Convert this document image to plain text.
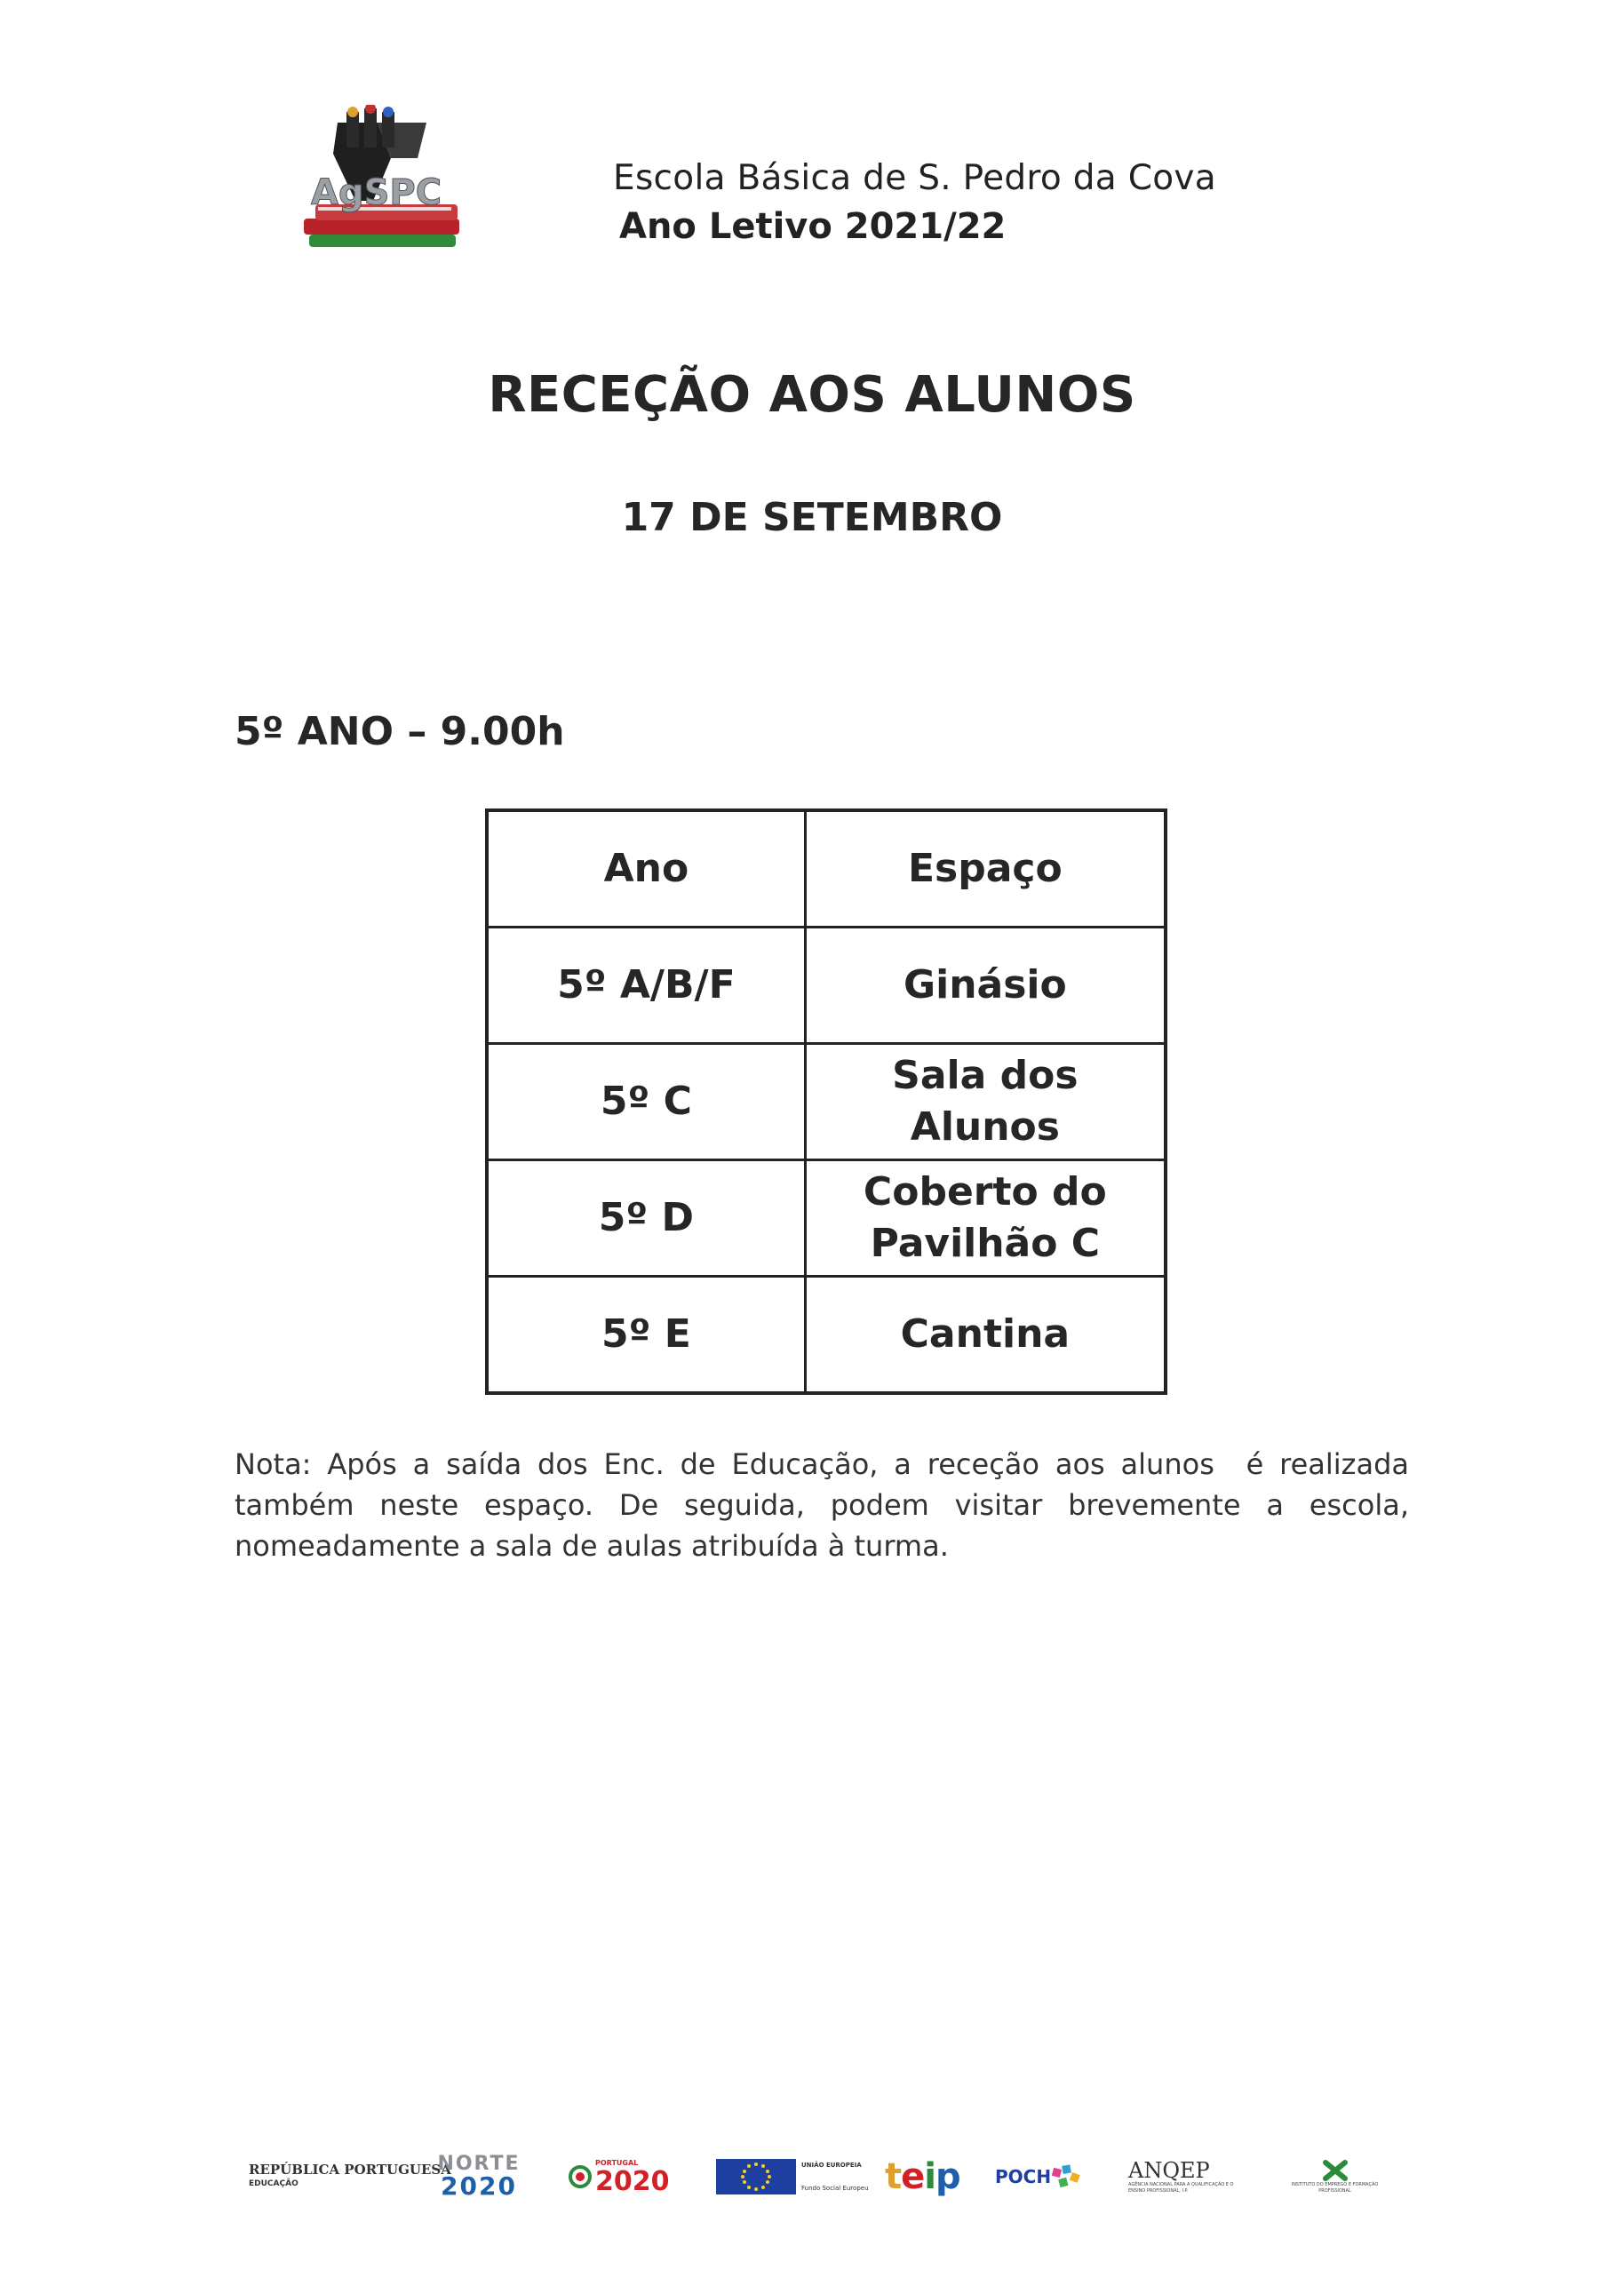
AgSPC	Escola Básica de S. Pedro da Cova
Ano Letivo 2021/22
RECEÇÃO AOS ALUNOS
17 DE SETEMBRO
5º ANO – 9.00h
Ano	Espaço
5º A/B/F	Ginásio
5º C	Sala dos Alunos
5º D	Coberto do Pavilhão C
5º E	Cantina
Nota: Após a saída dos Enc. de Educação, a receção aos alunos  é realizada também neste espaço. De seguida, podem visitar brevemente a escola, nomeadamente a sala de aulas atribuída à turma.
REPÚBLICA PORTUGUESA
EDUCAÇÃO
NORTE
2020
PORTUGAL
2020
UNIÃO EUROPEIA
Fundo Social Europeu teip POCH	ANQEP
AGÊNCIA NACIONAL PARA A QUALIFICAÇÃO E O ENSINO PROFISSIONAL, I.P.
INSTITUTO DO EMPREGO E FORMAÇÃO PROFISSIONAL
